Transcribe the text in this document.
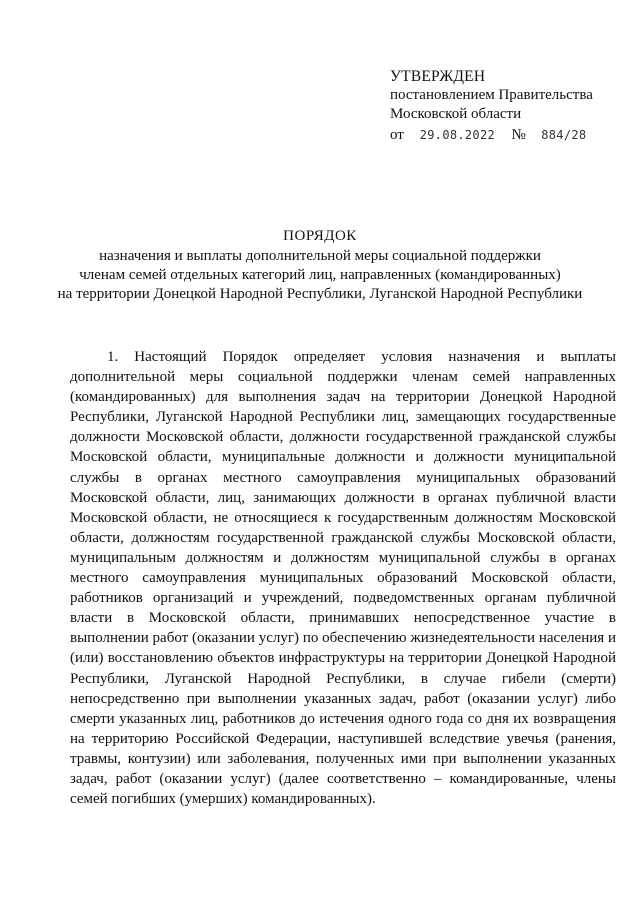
УТВЕРЖДЕН
постановлением Правительства
Московской области
от 29.08.2022 № 884/28
ПОРЯДОК
назначения и выплаты дополнительной меры социальной поддержки
членам семей отдельных категорий лиц, направленных (командированных)
на территории Донецкой Народной Республики, Луганской Народной Республики
1. Настоящий Порядок определяет условия назначения и выплаты дополнительной меры социальной поддержки членам семей направленных (командированных) для выполнения задач на территории Донецкой Народной Республики, Луганской Народной Республики лиц, замещающих государственные должности Московской области, должности государственной гражданской службы Московской области, муниципальные должности и должности муниципальной службы в органах местного самоуправления муниципальных образований Московской области, лиц, занимающих должности в органах публичной власти Московской области, не относящиеся к государственным должностям Московской области, должностям государственной гражданской службы Московской области, муниципальным должностям и должностям муниципальной службы в органах местного самоуправления муниципальных образований Московской области, работников организаций и учреждений, подведомственных органам публичной власти в Московской области, принимавших непосредственное участие в выполнении работ (оказании услуг) по обеспечению жизнедеятельности населения и (или) восстановлению объектов инфраструктуры на территории Донецкой Народной Республики, Луганской Народной Республики, в случае гибели (смерти) непосредственно при выполнении указанных задач, работ (оказании услуг) либо смерти указанных лиц, работников до истечения одного года со дня их возвращения на территорию Российской Федерации, наступившей вследствие увечья (ранения, травмы, контузии) или заболевания, полученных ими при выполнении указанных задач, работ (оказании услуг) (далее соответственно – командированные, члены семей погибших (умерших) командированных).
